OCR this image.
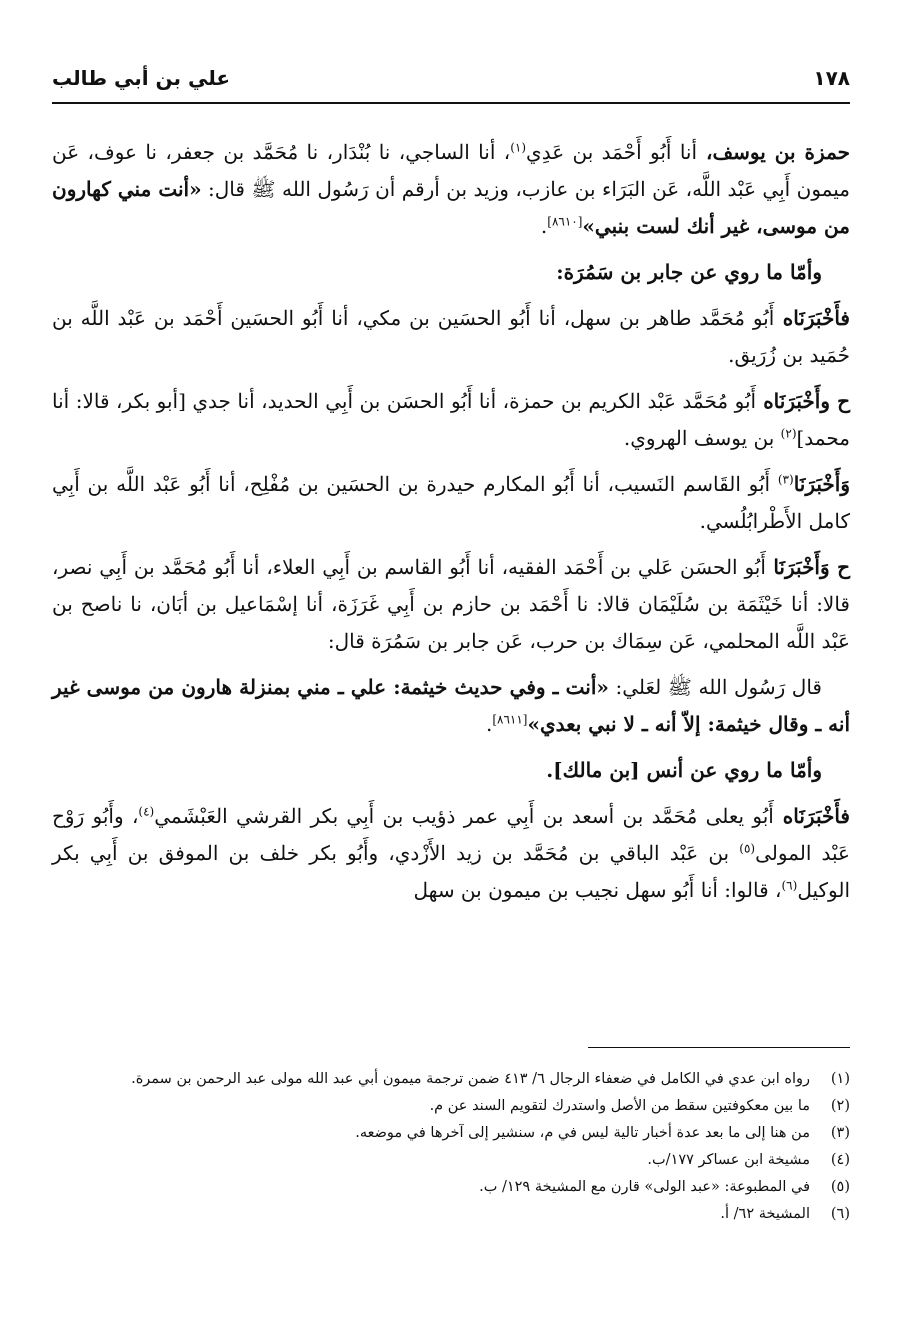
١٧٨
علي بن أبي طالب

حمزة بن يوسف، أنا أَبُو أَحْمَد بن عَدِي$^{(١)}$، أنا الساجي، نا بُنْدَار، نا مُحَمَّد بن جعفر، نا عوف، عَن ميمون أَبِي عَبْد اللَّه، عَن البَرَاء بن عازب، وزيد بن أرقم أن رَسُول الله ﷺ قال: «أنت مني كهارون من موسى، غير أنك لست بنبي»[٨٦١٠].

وأمّا ما روي عن جابر بن سَمُرَة:

فأَخْبَرَنَاه أَبُو مُحَمَّد طاهر بن سهل، أنا أَبُو الحسَين بن مكي، أنا أَبُو الحسَين أَحْمَد بن عَبْد اللَّه بن حُمَيد بن زُرَيق.

ح وأَخْبَرَنَاه أَبُو مُحَمَّد عَبْد الكريم بن حمزة، أنا أَبُو الحسَن بن أَبِي الحديد، أنا جدي [أبو بكر، قالا: أنا محمد]$^{(٢)}$ بن يوسف الهروي.

وَأَخْبَرَنَا$^{(٣)}$ أَبُو القَاسم النَسيب، أنا أَبُو المكارم حيدرة بن الحسَين بن مُفْلِح، أنا أَبُو عَبْد اللَّه بن أَبِي كامل الأَطْرابُلُسي.

ح وَأَخْبَرَنَا أَبُو الحسَن عَلي بن أَحْمَد الفقيه، أنا أَبُو القاسم بن أَبِي العلاء، أنا أَبُو مُحَمَّد بن أَبِي نصر، قالا: أنا خَيْثَمَة بن سُلَيْمَان قالا: نا أَحْمَد بن حازم بن أَبِي غَرَزَة، أنا إسْمَاعيل بن أبَان، نا ناصح بن عَبْد اللَّه المحلمي، عَن سِمَاك بن حرب، عَن جابر بن سَمُرَة قال:

قال رَسُول الله ﷺ لعَلي: «أنت ـ وفي حديث خيثمة: علي ـ مني بمنزلة هارون من موسى غير أنه ـ وقال خيثمة: إلاّ أنه ـ لا نبي بعدي»[٨٦١١].

وأمّا ما روي عن أنس [بن مالك].

فأَخْبَرَنَاه أَبُو يعلى مُحَمَّد بن أسعد بن أَبِي عمر ذؤيب بن أَبِي بكر القرشي العَبْشَمي$^{(٤)}$، وأَبُو رَوْح عَبْد المولى$^{(٥)}$ بن عَبْد الباقي بن مُحَمَّد بن زيد الأَزْدي، وأَبُو بكر خلف بن الموفق بن أَبِي بكر الوكيل$^{(٦)}$، قالوا: أنا أَبُو سهل نجيب بن ميمون بن سهل

(١)
رواه ابن عدي في الكامل في ضعفاء الرجال ٦/ ٤١٣ ضمن ترجمة ميمون أبي عبد الله مولى عبد الرحمن بن سمرة.
(٢)
ما بين معكوفتين سقط من الأصل واستدرك لتقويم السند عن م.
(٣)
من هنا إلى ما بعد عدة أخبار تالية ليس في م، سنشير إلى آخرها في موضعه.
(٤)
مشيخة ابن عساكر ١٧٧/ب.
(٥)
في المطبوعة: «عبد الولى» قارن مع المشيخة ١٢٩/ ب.
(٦)
المشيخة ٦٢/ أ.
